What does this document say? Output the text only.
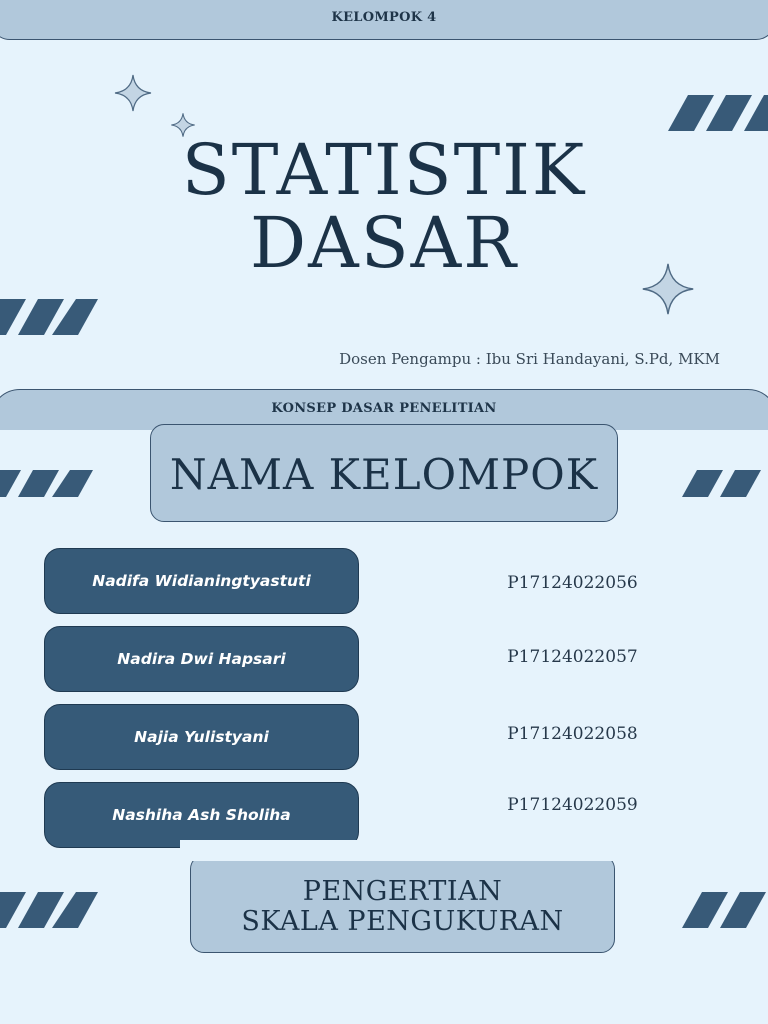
KELOMPOK 4
STATISTIK
DASAR
Dosen Pengampu : Ibu Sri Handayani, S.Pd, MKM
KONSEP DASAR PENELITIAN
NAMA KELOMPOK
Nadifa Widianingtyastuti	P17124022056
Nadira Dwi Hapsari	P17124022057
Najia Yulistyani	P17124022058
Nashiha Ash Sholiha	P17124022059
PENGERTIAN
SKALA PENGUKURAN
